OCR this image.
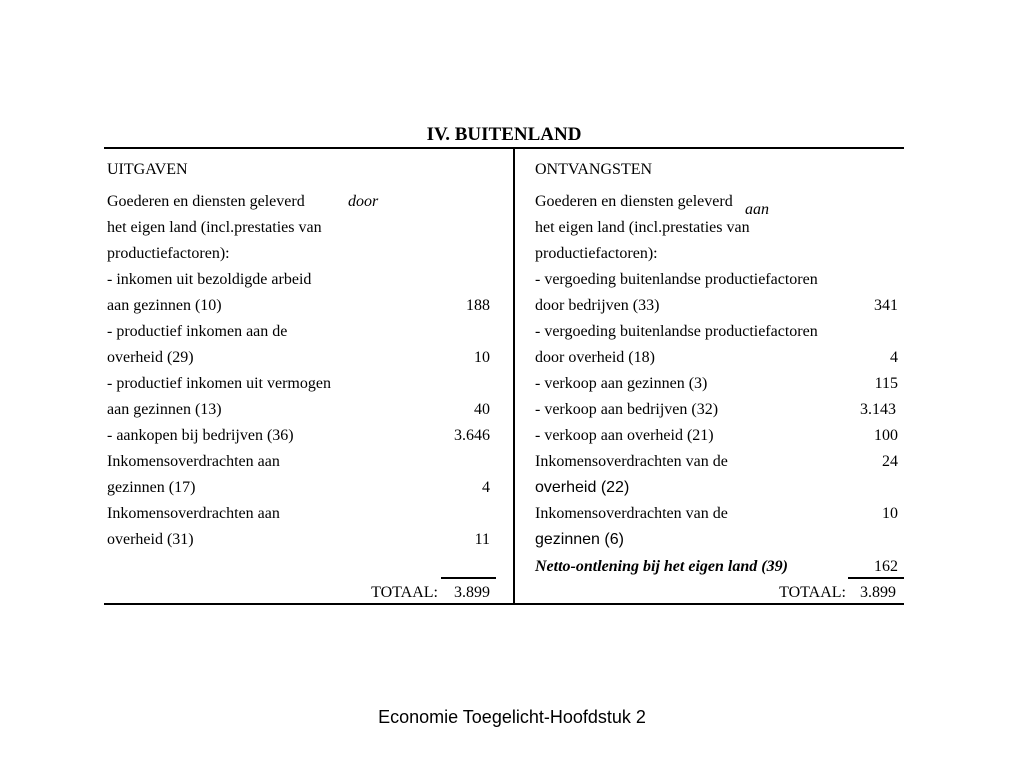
IV. BUITENLAND
UITGAVEN
Goederen en diensten geleverd	door
het eigen land (incl.prestaties van
productiefactoren):
- inkomen uit bezoldigde arbeid
aan gezinnen (10)	188
- productief inkomen aan de
overheid (29)	10
- productief inkomen uit vermogen
aan gezinnen (13)	40
- aankopen bij bedrijven (36)	3.646
Inkomensoverdrachten aan
gezinnen (17)	4
Inkomensoverdrachten aan
overheid (31)	11
TOTAAL: 3.899
ONTVANGSTEN
Goederen en diensten geleverd aan
het eigen land (incl.prestaties van
productiefactoren):
- vergoeding buitenlandse productiefactoren
door bedrijven (33)	341
- vergoeding buitenlandse productiefactoren
door overheid (18)	4
- verkoop aan gezinnen (3)	115
- verkoop aan bedrijven (32)	3.143
- verkoop aan overheid (21)	100
Inkomensoverdrachten van de	24
overheid (22)
Inkomensoverdrachten van de	10
gezinnen (6)
Netto-ontlening bij het eigen land (39)	162
TOTAAL: 3.899
Economie Toegelicht-Hoofdstuk 2
